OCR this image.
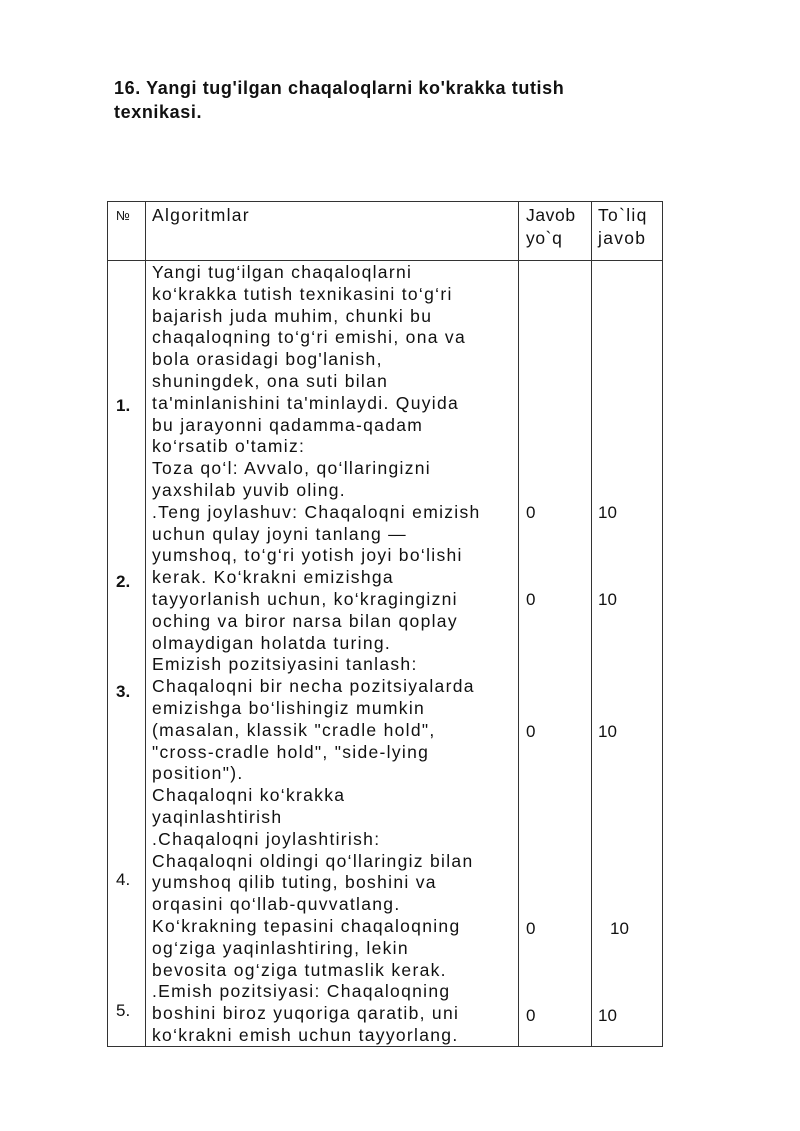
16. Yangi tug'ilgan chaqaloqlarni ko'krakka tutish
texnikasi.
№ Algoritmlar	Javob
yo`q
To`liq
javob
Yangi tug‘ilgan chaqaloqlarni
ko‘krakka tutish texnikasini to‘g‘ri
bajarish juda muhim, chunki bu
chaqaloqning to‘g‘ri emishi, ona va
bola orasidagi bog'lanish,
shuningdek, ona suti bilan
ta'minlanishini ta'minlaydi. Quyida
bu jarayonni qadamma-qadam
ko‘rsatib o'tamiz:
Toza qo‘l: Avvalo, qo‘llaringizni
yaxshilab yuvib oling.
.Teng joylashuv: Chaqaloqni emizish
uchun qulay joyni tanlang —
yumshoq, to‘g‘ri yotish joyi bo‘lishi
kerak. Ko‘krakni emizishga
tayyorlanish uchun, ko‘kragingizni
oching va biror narsa bilan qoplay
olmaydigan holatda turing.
Emizish pozitsiyasini tanlash:
Chaqaloqni bir necha pozitsiyalarda
emizishga bo‘lishingiz mumkin
(masalan, klassik "cradle hold",
"cross-cradle hold", "side-lying
position").
Chaqaloqni ko‘krakka
yaqinlashtirish
.Chaqaloqni joylashtirish:
Chaqaloqni oldingi qo‘llaringiz bilan
yumshoq qilib tuting, boshini va
orqasini qo‘llab-quvvatlang.
Ko‘krakning tepasini chaqaloqning
og‘ziga yaqinlashtiring, lekin
bevosita og‘ziga tutmaslik kerak.
.Emish pozitsiyasi: Chaqaloqning
boshini biroz yuqoriga qaratib, uni
ko‘krakni emish uchun tayyorlang.
1.
2.
3.
4.
5.
0
0
0
0
0
10
10
10
10
10
